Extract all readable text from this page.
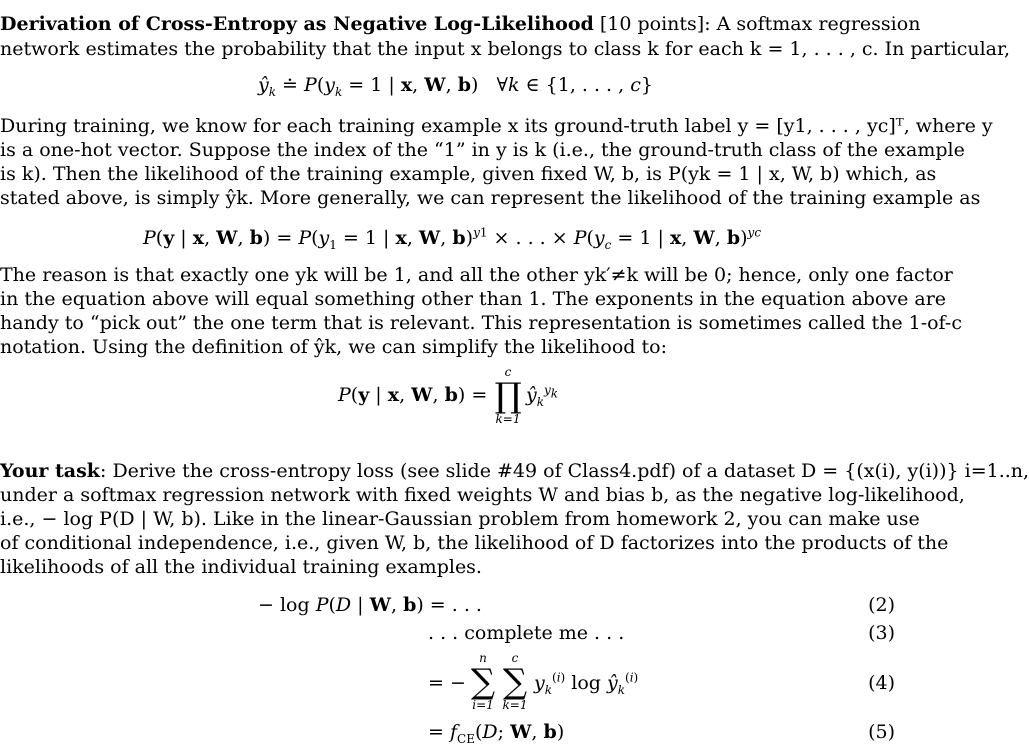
Derivation of Cross-Entropy as Negative Log-Likelihood [10 points]: A softmax regression
network estimates the probability that the input x belongs to class k for each k = 1, . . . , c. In particular,
$ŷ_k$ ≐ $P(y_k = 1$ | x, W, b)   ∀k ∈ {1, . . . , c}
During training, we know for each training example x its ground-truth label y = [y1, . . . , yc]ᵀ, where y
is a one-hot vector. Suppose the index of the “1” in y is k (i.e., the ground-truth class of the example
is k). Then the likelihood of the training example, given fixed W, b, is P(yk = 1 | x, W, b) which, as
stated above, is simply ŷk. More generally, we can represent the likelihood of the training example as
P(y | x, W, $b) = P(y_1 = 1$ | x, W, b)$^{y1}$ × . . . × $P(y_c = 1$ | x, W, b)$^{yc}$
The reason is that exactly one yk will be 1, and all the other yk′≠k will be 0; hence, only one factor
in the equation above will equal something other than 1. The exponents in the equation above are
handy to “pick out” the one term that is relevant. This representation is sometimes called the 1-of-c
notation. Using the definition of ŷk, we can simplify the likelihood to:
P(y | x, W, b) =
c
∏
k=1
$ŷ_k^{y_k}$
Your task: Derive the cross-entropy loss (see slide #49 of Class4.pdf) of a dataset D = {(x(i), y(i))} i=1..n,
under a softmax regression network with fixed weights W and bias b, as the negative log-likelihood,
i.e., − log P(D | W, b). Like in the linear-Gaussian problem from homework 2, you can make use
of conditional independence, i.e., given W, b, the likelihood of D factorizes into the products of the
likelihoods of all the individual training examples.
− log P(D | W, b) = . . .	(2)
. . . complete me . . .	(3)
= −
n
∑
i=1
c
∑
k=1
$y_k^{(i)}$ $\log ŷ_k^{(i)}$	(4)
= $f_{CE}(D$; W, b)	(5)
